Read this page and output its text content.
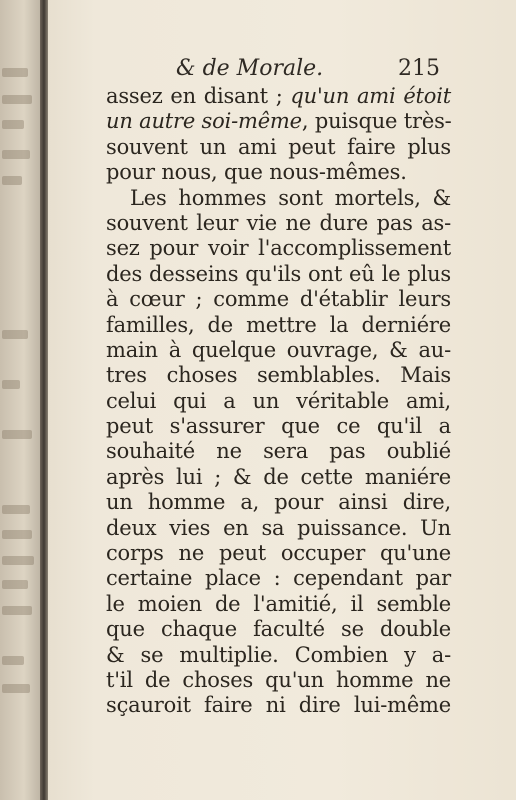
& de Morale.	215
assez en disant ; qu'un ami étoit
un autre soi-même, puisque très-
souvent un ami peut faire plus
pour nous, que nous-mêmes.
Les hommes sont mortels, &
souvent leur vie ne dure pas as-
sez pour voir l'accomplissement
des desseins qu'ils ont eû le plus
à cœur ; comme d'établir leurs
familles, de mettre la derniére
main à quelque ouvrage, & au-
tres choses semblables. Mais
celui qui a un véritable ami,
peut s'assurer que ce qu'il a
souhaité ne sera pas oublié
après lui ; & de cette maniére
un homme a, pour ainsi dire,
deux vies en sa puissance. Un
corps ne peut occuper qu'une
certaine place : cependant par
le moien de l'amitié, il semble
que chaque faculté se double
& se multiplie. Combien y a-
t'il de choses qu'un homme ne
sçauroit faire ni dire lui-même
